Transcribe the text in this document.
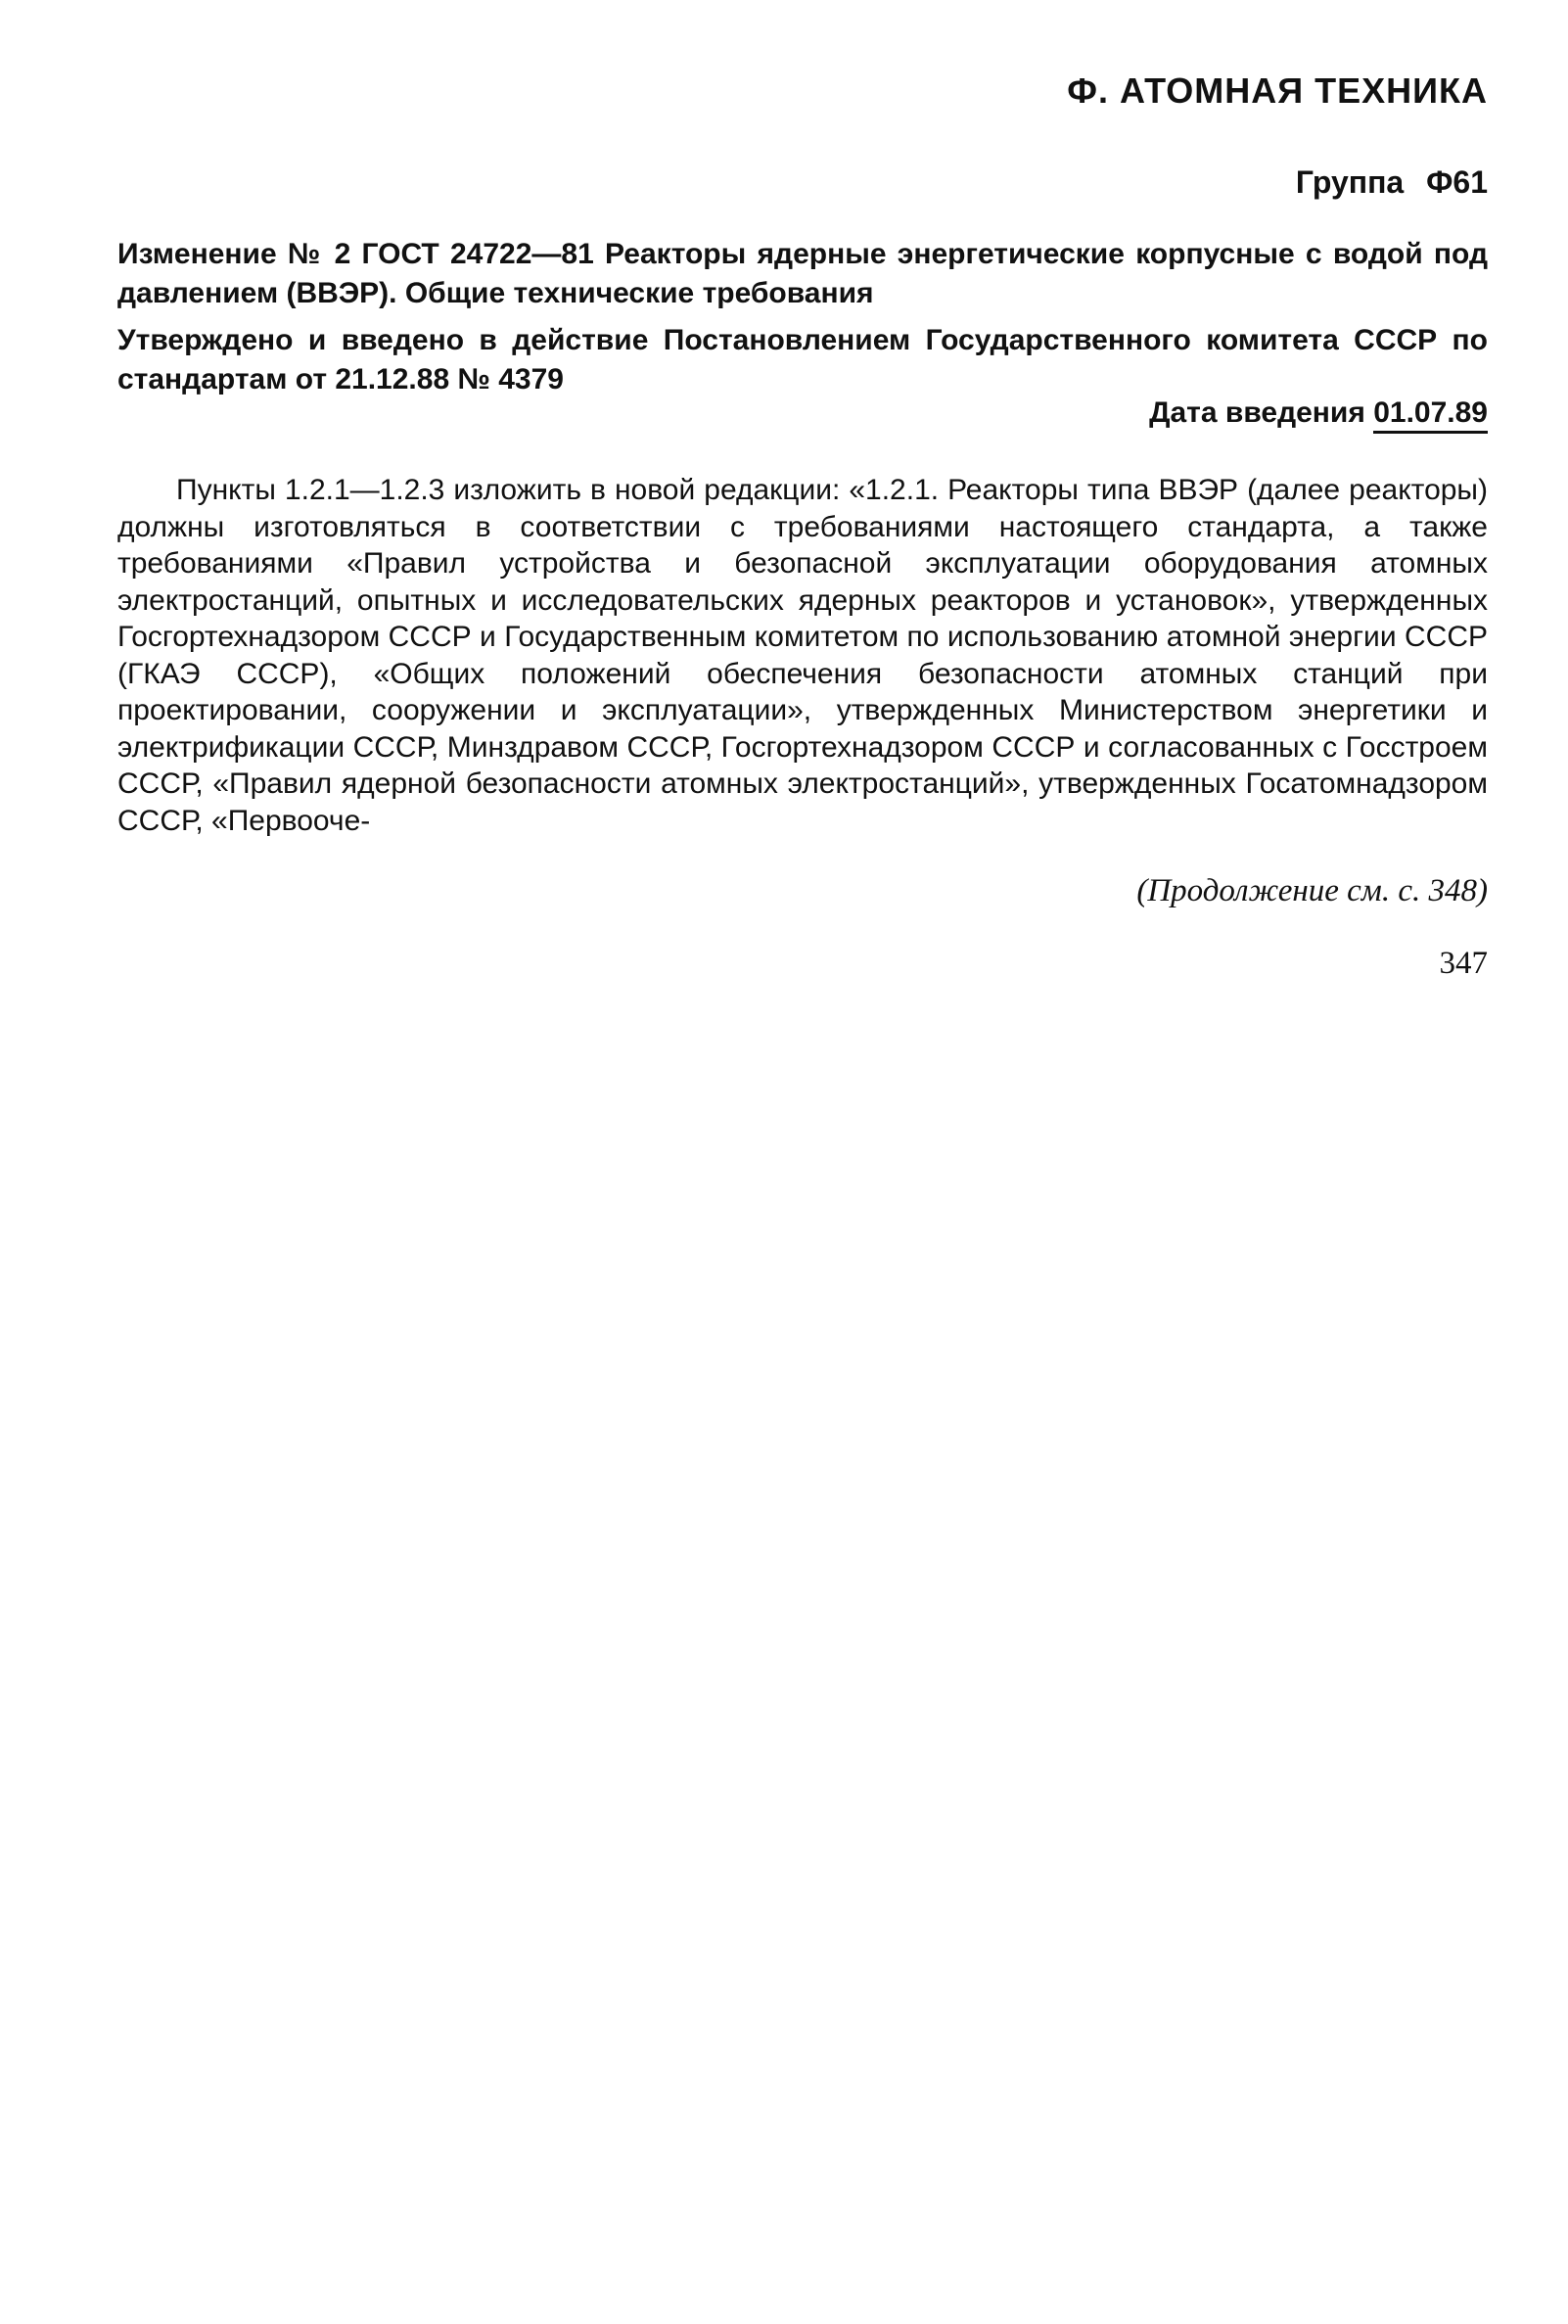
Ф. АТОМНАЯ ТЕХНИКА
Группа Ф61
Изменение № 2 ГОСТ 24722—81 Реакторы ядерные энергетические корпусные с водой под давлением (ВВЭР). Общие технические требования
Утверждено и введено в действие Постановлением Государственного комитета СССР по стандартам от 21.12.88 № 4379
Дата введения 01.07.89

Пункты 1.2.1—1.2.3 изложить в новой редакции: «1.2.1. Реакторы типа ВВЭР (далее реакторы) должны изготовляться в соответствии с требованиями настоящего стандарта, а также требованиями «Правил устройства и безопасной эксплуатации оборудования атомных электростанций, опытных и исследовательских ядерных реакторов и установок», утвержденных Госгортехнадзором СССР и Государственным комитетом по использованию атомной энергии СССР (ГКАЭ СССР), «Общих положений обеспечения безопасности атомных станций при проектировании, сооружении и эксплуатации», утвержденных Министерством энергетики и электрификации СССР, Минздравом СССР, Госгортехнадзором СССР и согласованных с Госстроем СССР, «Правил ядерной безопасности атомных электростанций», утвержденных Госатомнадзором СССР, «Первооче-

(Продолжение см. с. 348)
347
